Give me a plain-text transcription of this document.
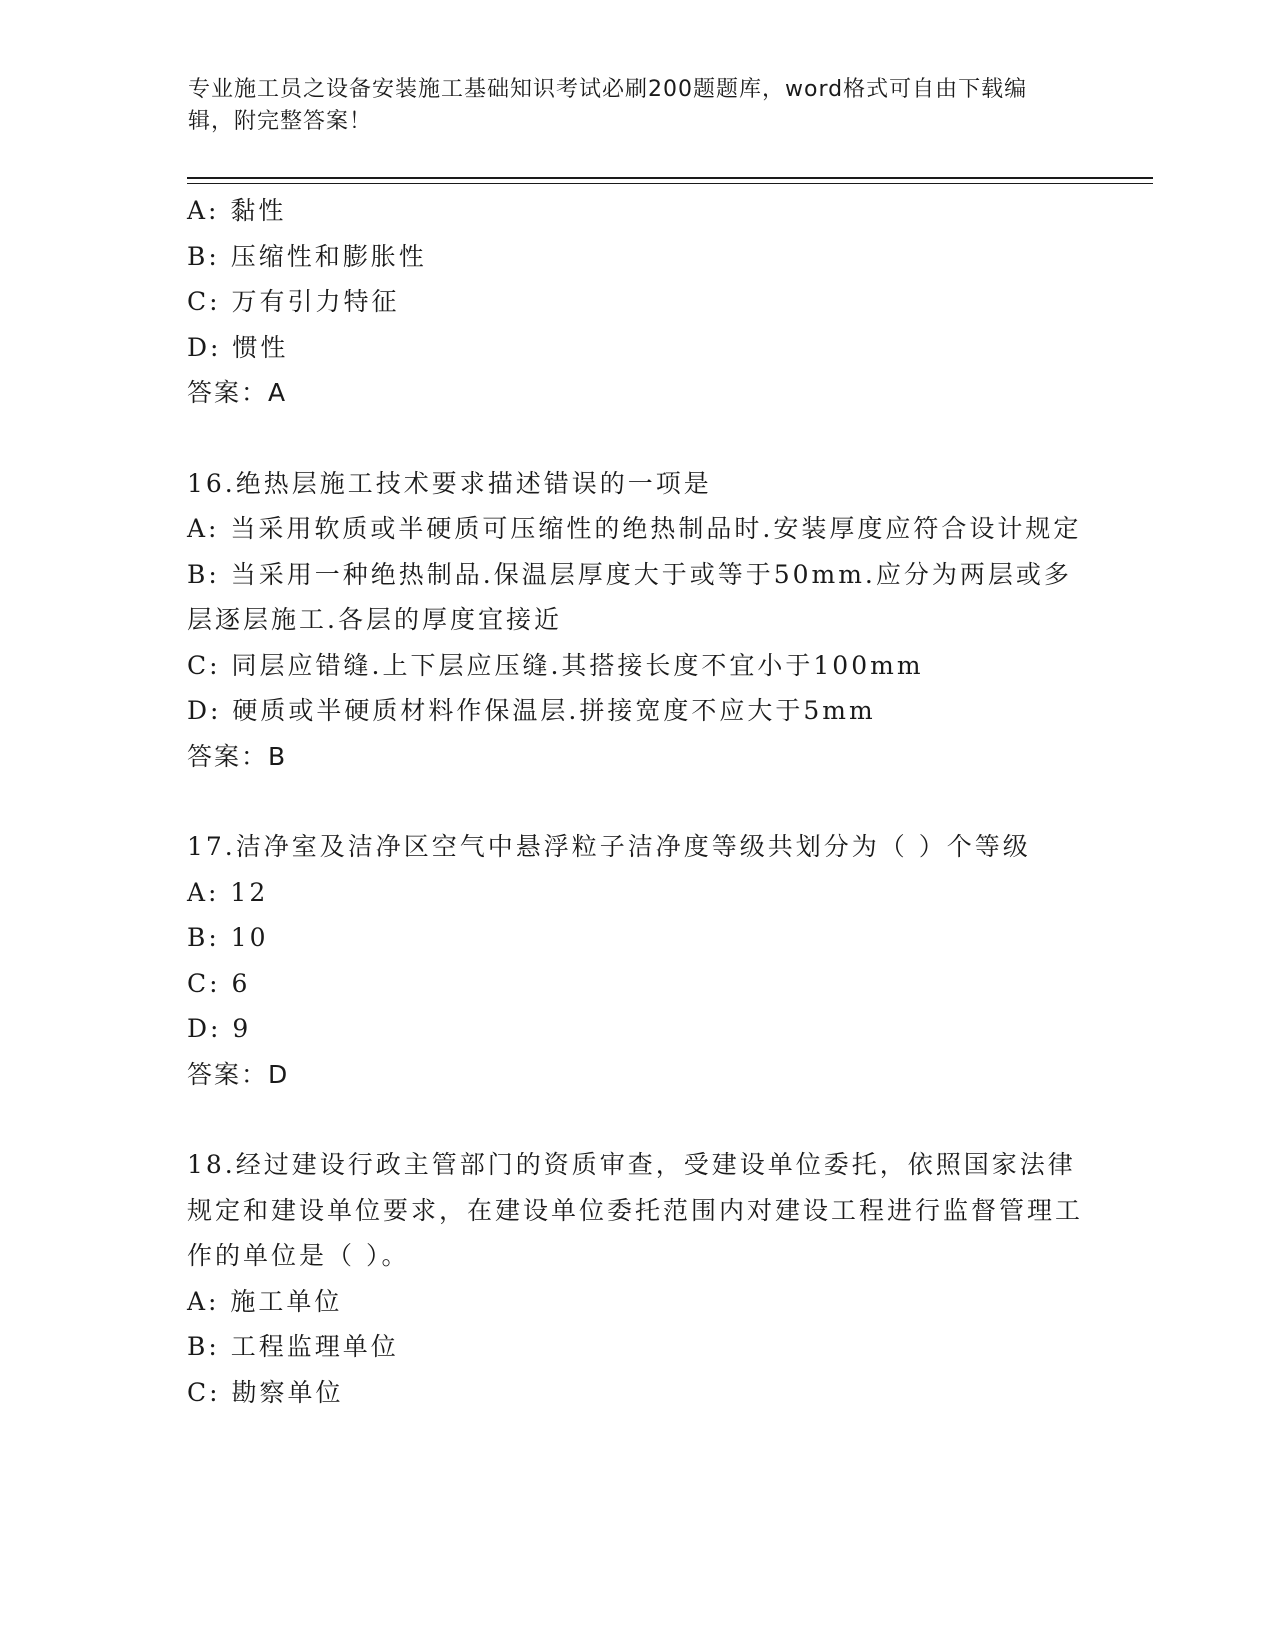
专业施工员之设备安装施工基础知识考试必刷200题题库，word格式可自由下载编辑，附完整答案！
A: 黏性
B: 压缩性和膨胀性
C: 万有引力特征
D: 惯性
答案：A
16.绝热层施工技术要求描述错误的一项是
A: 当采用软质或半硬质可压缩性的绝热制品时.安装厚度应符合设计规定
B: 当采用一种绝热制品.保温层厚度大于或等于50mm.应分为两层或多层逐层施工.各层的厚度宜接近
C: 同层应错缝.上下层应压缝.其搭接长度不宜小于100mm
D: 硬质或半硬质材料作保温层.拼接宽度不应大于5mm
答案：B
17.洁净室及洁净区空气中悬浮粒子洁净度等级共划分为（ ）个等级
A: 12
B: 10
C: 6
D: 9
答案：D
18.经过建设行政主管部门的资质审查，受建设单位委托，依照国家法律规定和建设单位要求，在建设单位委托范围内对建设工程进行监督管理工作的单位是（ ）。
A: 施工单位
B: 工程监理单位
C: 勘察单位
